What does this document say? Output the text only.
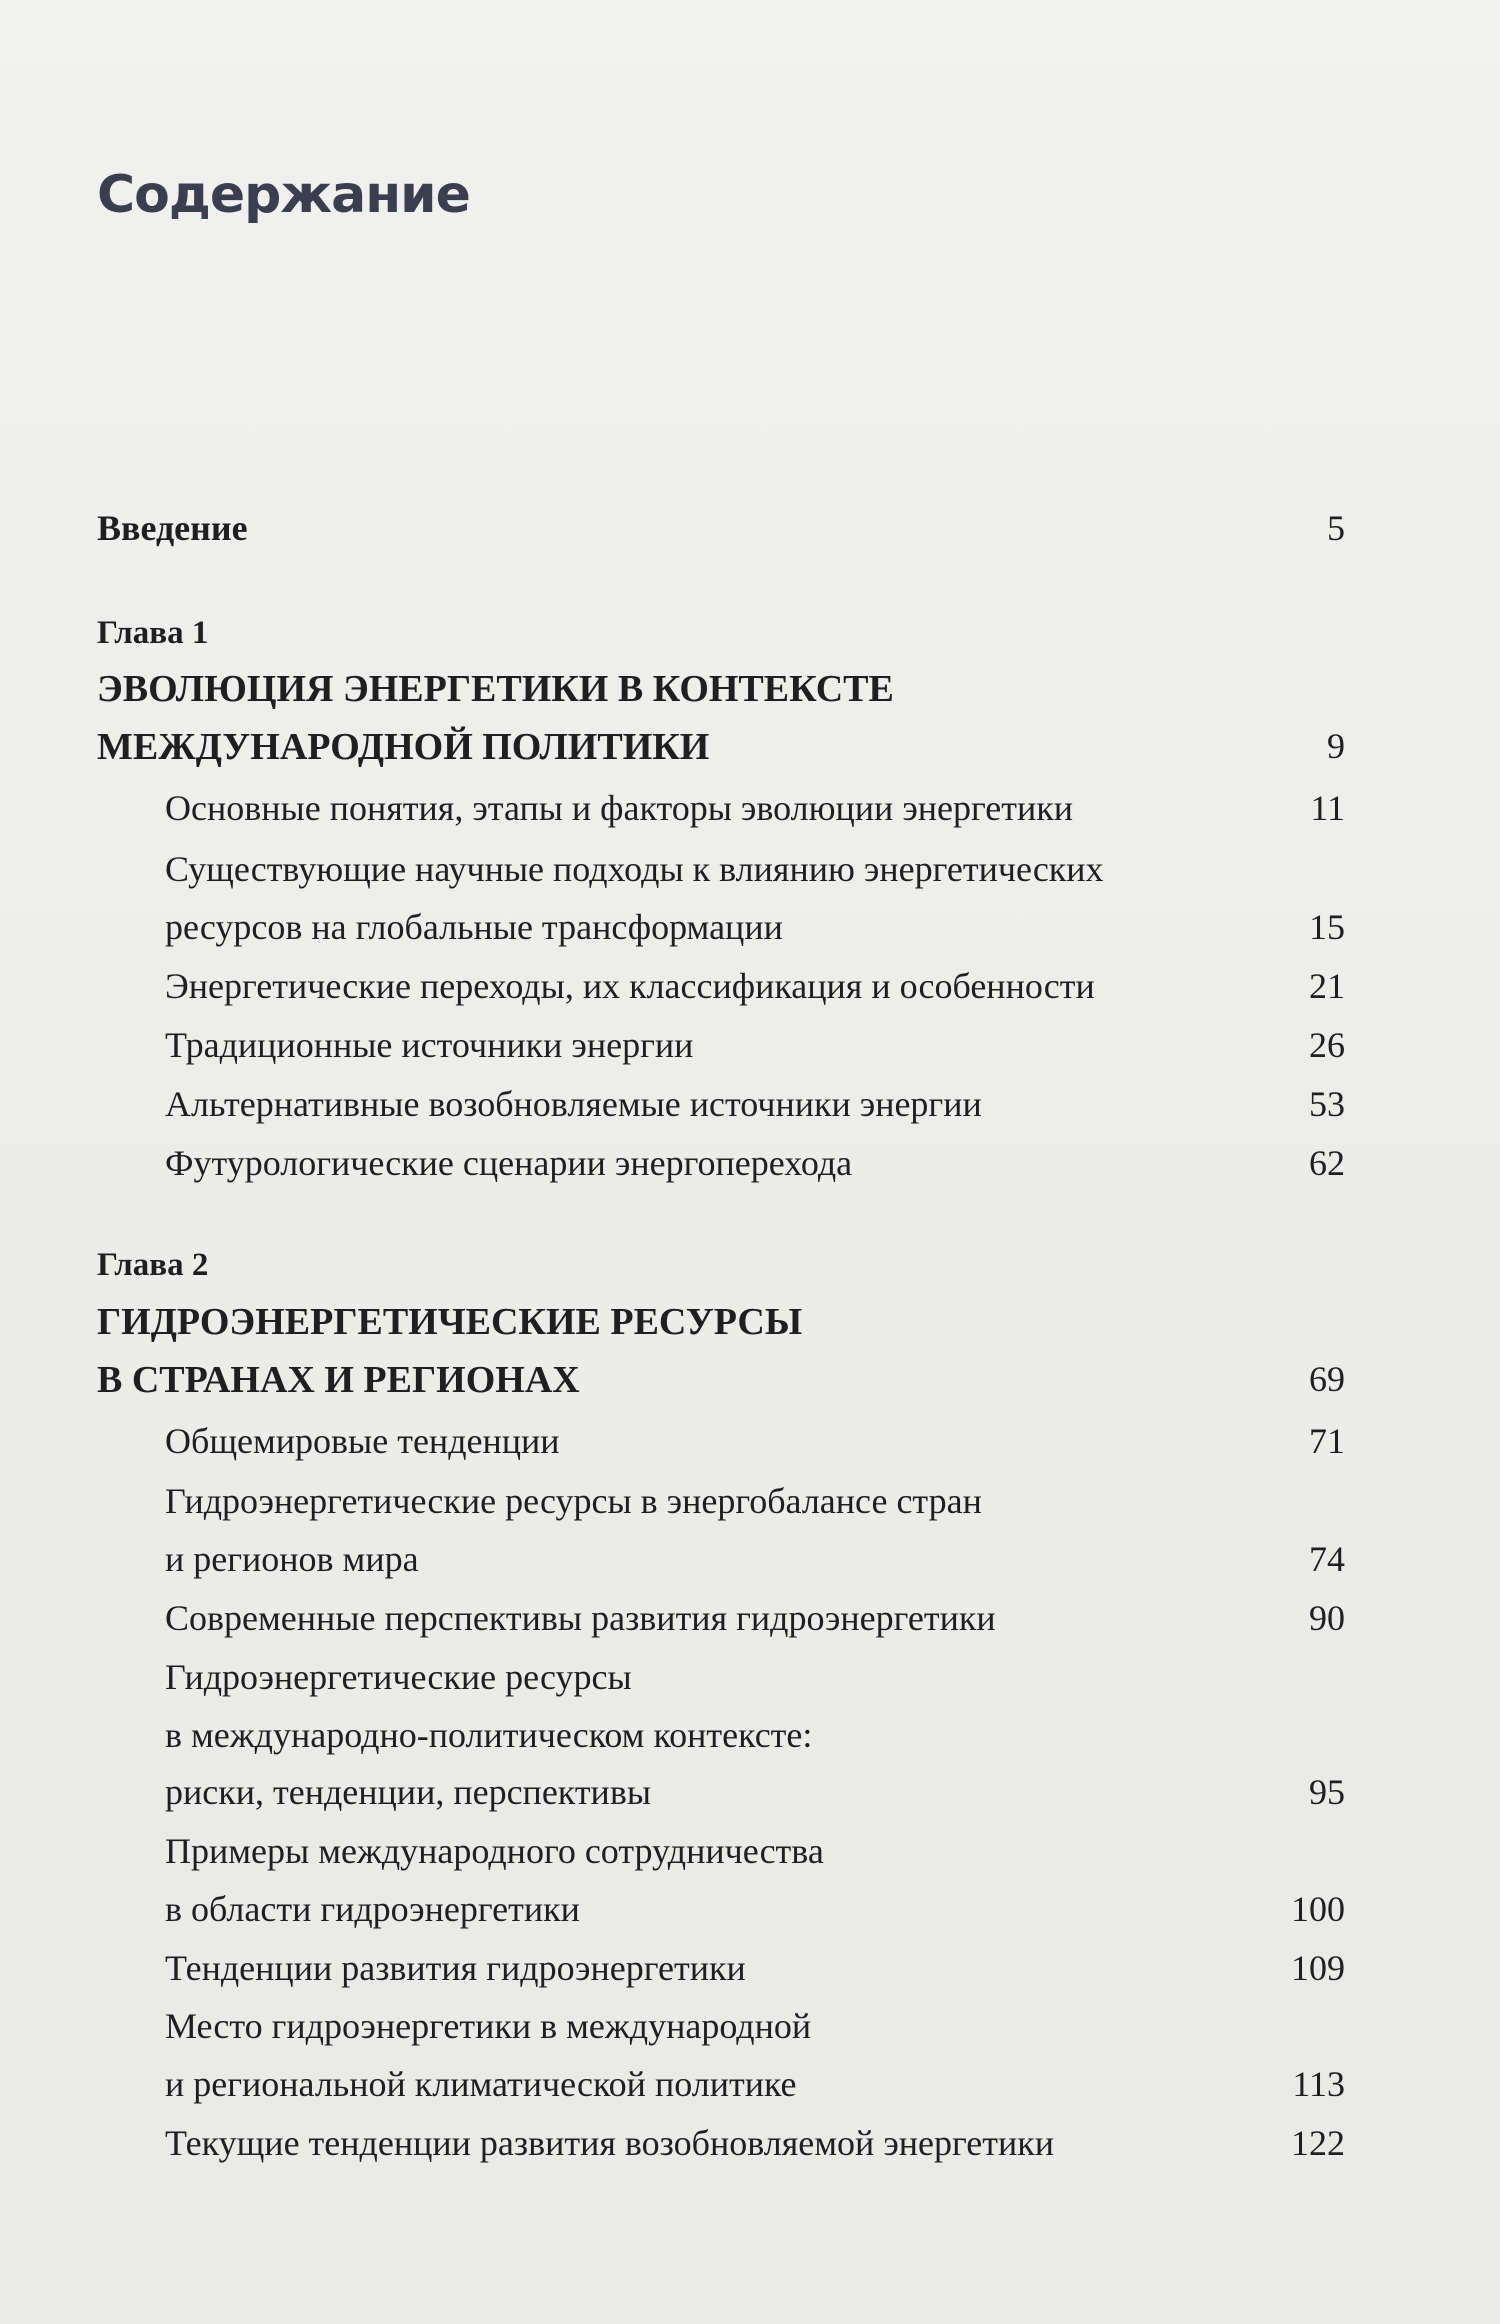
Содержание
Введение	5
Глава 1
ЭВОЛЮЦИЯ ЭНЕРГЕТИКИ В КОНТЕКСТЕ
МЕЖДУНАРОДНОЙ ПОЛИТИКИ	9
Основные понятия, этапы и факторы эволюции энергетики	11
Существующие научные подходы к влиянию энергетических
ресурсов на глобальные трансформации	15
Энергетические переходы, их классификация и особенности	21
Традиционные источники энергии	26
Альтернативные возобновляемые источники энергии	53
Футурологические сценарии энергоперехода	62
Глава 2
ГИДРОЭНЕРГЕТИЧЕСКИЕ РЕСУРСЫ
В СТРАНАХ И РЕГИОНАХ	69
Общемировые тенденции	71
Гидроэнергетические ресурсы в энергобалансе стран
и регионов мира	74
Современные перспективы развития гидроэнергетики	90
Гидроэнергетические ресурсы
в международно-политическом контексте:
риски, тенденции, перспективы	95
Примеры международного сотрудничества
в области гидроэнергетики	100
Тенденции развития гидроэнергетики	109
Место гидроэнергетики в международной
и региональной климатической политике	113
Текущие тенденции развития возобновляемой энергетики	122
